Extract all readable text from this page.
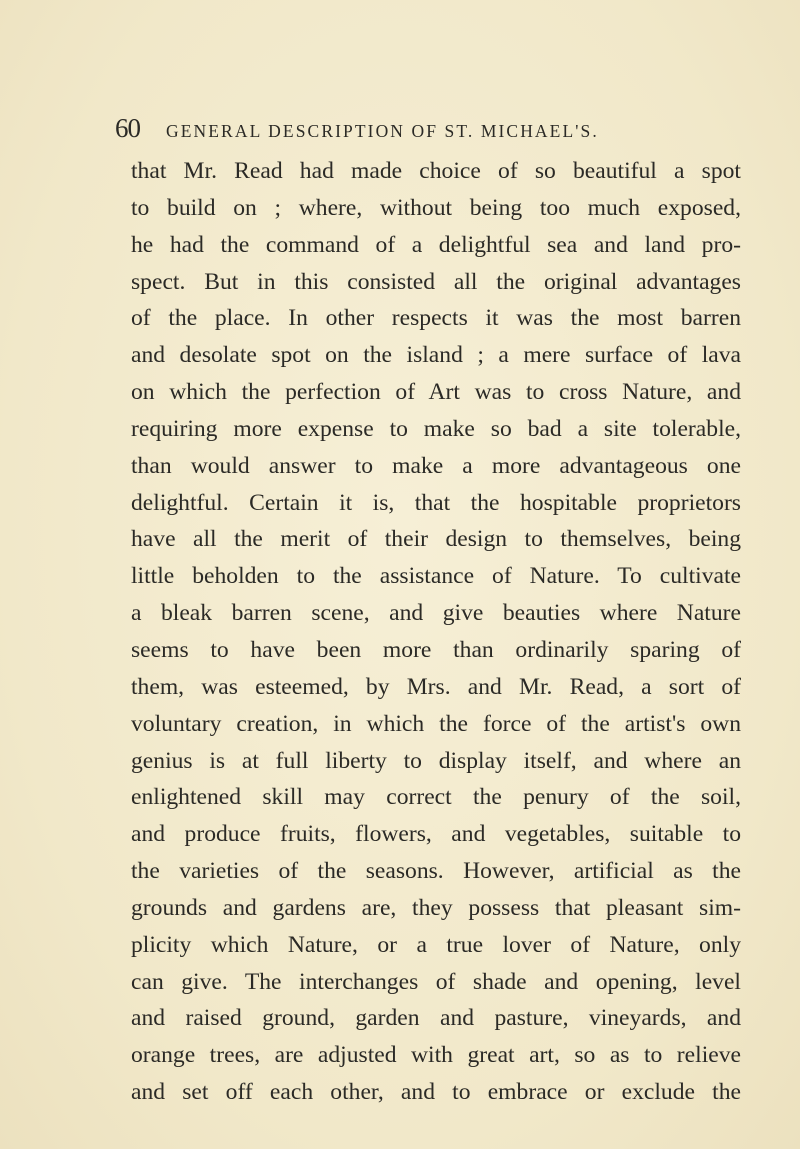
60 GENERAL DESCRIPTION OF ST. MICHAEL'S.
that Mr. Read had made choice of so beautiful a spot
to build on ; where, without being too much exposed,
he had the command of a delightful sea and land pro-
spect. But in this consisted all the original advantages
of the place. In other respects it was the most barren
and desolate spot on the island ; a mere surface of lava
on which the perfection of Art was to cross Nature, and
requiring more expense to make so bad a site tolerable,
than would answer to make a more advantageous one
delightful. Certain it is, that the hospitable proprietors
have all the merit of their design to themselves, being
little beholden to the assistance of Nature. To cultivate
a bleak barren scene, and give beauties where Nature
seems to have been more than ordinarily sparing of
them, was esteemed, by Mrs. and Mr. Read, a sort of
voluntary creation, in which the force of the artist's own
genius is at full liberty to display itself, and where an
enlightened skill may correct the penury of the soil,
and produce fruits, flowers, and vegetables, suitable to
the varieties of the seasons. However, artificial as the
grounds and gardens are, they possess that pleasant sim-
plicity which Nature, or a true lover of Nature, only
can give. The interchanges of shade and opening, level
and raised ground, garden and pasture, vineyards, and
orange trees, are adjusted with great art, so as to relieve
and set off each other, and to embrace or exclude the
